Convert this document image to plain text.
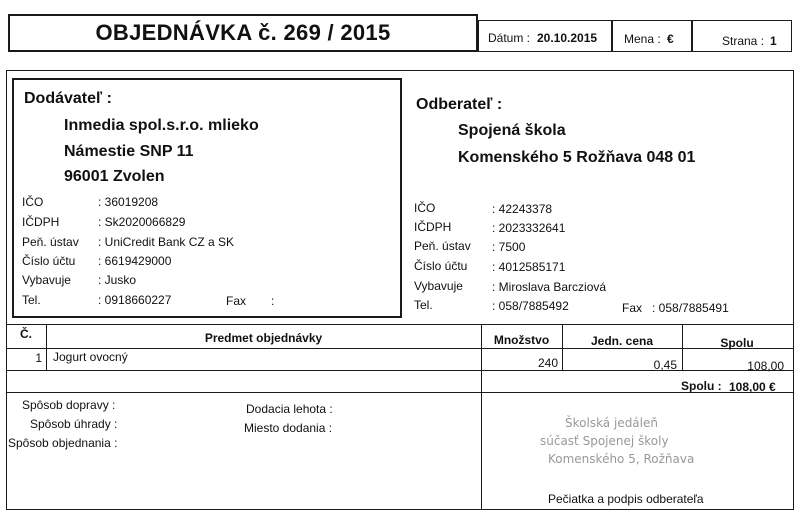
OBJEDNÁVKA č. 269 / 2015	Dátum : 20.10.2015 Mena : €	Strana : 1
Dodávateľ :
Inmedia spol.s.r.o. mlieko
Námestie SNP 11
96001 Zvolen
IČO	: 36019208
IČDPH	: Sk2020066829
Peň. ústav : UniCredit Bank CZ a SK
Číslo účtu : 6619429000
Vybavuje : Jusko
Tel.	: 0918660227	Fax :
Odberateľ :
Spojená škola
Komenského 5 Rožňava 048 01
IČO	: 42243378
IČDPH	: 2023332641
Peň. ústav : 7500
Číslo účtu : 4012585171
Vybavuje : Miroslava Barcziová
Tel.	: 058/7885492	Fax : 058/7885491
Č.	Predmet objednávky	Množstvo	Jedn. cena	Spolu
1 Jogurt ovocný	240	0,45	108,00
Spolu : 108,00 €
Spôsob dopravy :
Spôsob úhrady :
Spôsob objednania :
Dodacia lehota :
Miesto dodania :	Školská jedáleň
súčasť Spojenej školy
Komenského 5, Rožňava
Pečiatka a podpis odberateľa
